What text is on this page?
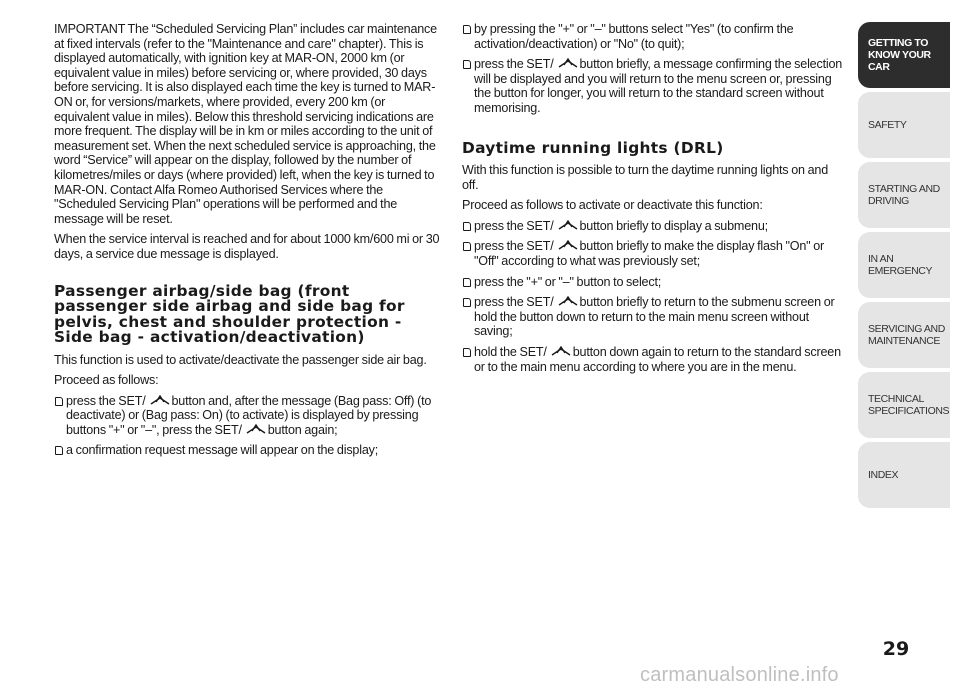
IMPORTANT The “Scheduled Servicing Plan” includes car maintenance at fixed intervals (refer to the "Maintenance and care" chapter). This is displayed automatically, with ignition key at MAR-ON, 2000 km (or equivalent value in miles) before servicing or, where provided, 30 days before servicing. It is also displayed each time the key is turned to MAR-ON or, for versions/markets, where provided, every 200 km (or equivalent value in miles). Below this threshold servicing indications are more frequent. The display will be in km or miles according to the unit of measurement set. When the next scheduled service is approaching, the word “Service” will appear on the display, followed by the number of kilometres/miles or days (where provided) left, when the key is turned to MAR-ON. Contact Alfa Romeo Authorised Services where the "Scheduled Servicing Plan" operations will be performed and the message will be reset.

When the service interval is reached and for about 1000 km/600 mi or 30 days, a service due message is displayed.

Passenger airbag/side bag (front passenger side airbag and side bag for pelvis, chest and shoulder protection - Side bag - activation/deactivation)

This function is used to activate/deactivate the passenger side air bag.

Proceed as follows:

press the SET/ button and, after the message (Bag pass: Off) (to deactivate) or (Bag pass: On) (to activate) is displayed by pressing buttons "+" or "–", press the SET/ button again;

a confirmation request message will appear on the display;

by pressing the "+" or "–" buttons select "Yes" (to confirm the activation/deactivation) or "No" (to quit);

press the SET/ button briefly, a message confirming the selection will be displayed and you will return to the menu screen or, pressing the button for longer, you will return to the standard screen without memorising.

Daytime running lights (DRL)

With this function is possible to turn the daytime running lights on and off.

Proceed as follows to activate or deactivate this function:

press the SET/ button briefly to display a submenu;

press the SET/ button briefly to make the display flash "On" or "Off" according to what was previously set;

press the "+" or "–" button to select;

press the SET/ button briefly to return to the submenu screen or hold the button down to return to the main menu screen without saving;

hold the SET/ button down again to return to the standard screen or to the main menu according to where you are in the menu.

GETTING TO
KNOW YOUR CAR
SAFETY
STARTING AND
DRIVING
IN AN EMERGENCY
SERVICING AND
MAINTENANCE
TECHNICAL
SPECIFICATIONS
INDEX
29
carmanualsonline.info
